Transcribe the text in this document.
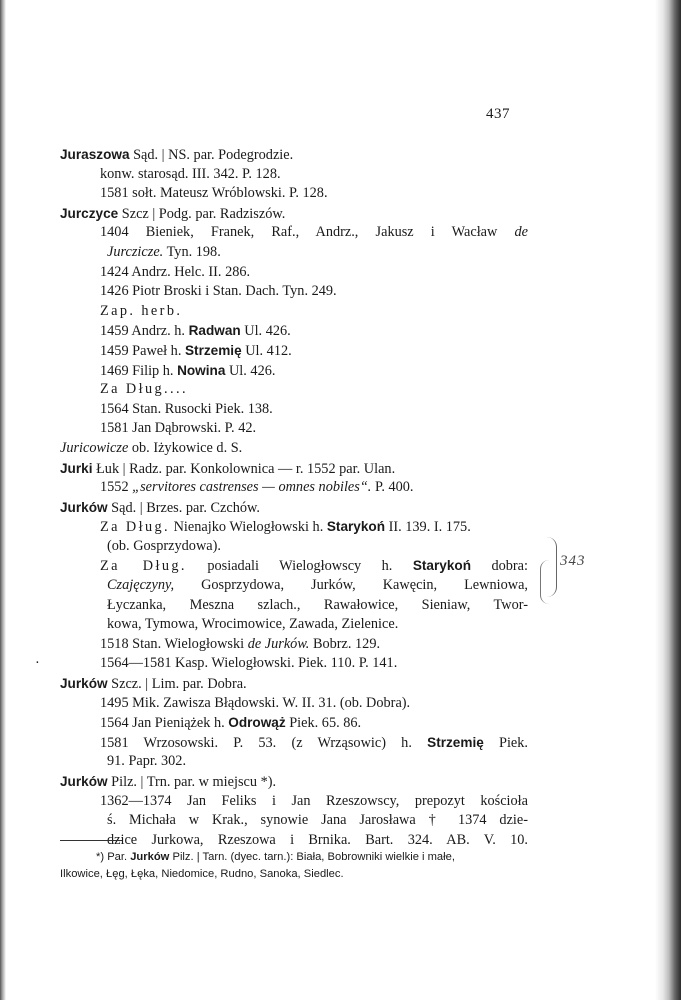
437
Juraszowa Sąd. | NS. par. Podegrodzie.
konw. starosąd. III. 342. P. 128.
1581 sołt. Mateusz Wróblowski. P. 128.
Jurczyce Szcz | Podg. par. Radziszów.
1404 Bieniek, Franek, Raf., Andrz., Jakusz i Wacław de
Jurczicze. Tyn. 198.
1424 Andrz. Helc. II. 286.
1426 Piotr Broski i Stan. Dach. Tyn. 249.
Zap. herb.
1459 Andrz. h. Radwan Ul. 426.
1459 Paweł h. Strzemię Ul. 412.
1469 Filip h. Nowina Ul. 426.
Za Dług....
1564 Stan. Rusocki Piek. 138.
1581 Jan Dąbrowski. P. 42.
Juricowicze ob. Iżykowice d. S.
Jurki Łuk | Radz. par. Konkolownica — r. 1552 par. Ulan.
1552 „servitores castrenses — omnes nobiles“. P. 400.
Jurków Sąd. | Brzes. par. Czchów.
Za Dług. Nienajko Wielogłowski h. Starykoń II. 139. I. 175.
(ob. Gosprzydowa).
Za Dług. posiadali Wielogłowscy h. Starykoń dobra:
Czajęczyny, Gosprzydowa, Jurków, Kawęcin, Lewniowa,
Łyczanka, Meszna szlach., Rawałowice, Sieniaw, Twor-
kowa, Tymowa, Wrocimowice, Zawada, Zielenice.
1518 Stan. Wielogłowski de Jurków. Bobrz. 129.
·	1564—1581 Kasp. Wielogłowski. Piek. 110. P. 141.
Jurków Szcz. | Lim. par. Dobra.
1495 Mik. Zawisza Błądowski. W. II. 31. (ob. Dobra).
1564 Jan Pieniążek h. Odrowąż Piek. 65. 86.
1581 Wrzosowski. P. 53. (z Wrząsowic) h. Strzemię Piek.
91. Papr. 302.
Jurków Pilz. | Trn. par. w miejscu *).
1362—1374 Jan Feliks i Jan Rzeszowscy, prepozyt kościoła
ś. Michała w Krak., synowie Jana Jarosława † 1374 dzie-
dzice Jurkowa, Rzeszowa i Brnika. Bart. 324. AB. V. 10.
*) Par. Jurków Pilz. | Tarn. (dyec. tarn.): Biała, Bobrowniki wielkie i małe,
Ilkowice, Łęg, Łęka, Niedomice, Rudno, Sanoka, Siedlec.
343
